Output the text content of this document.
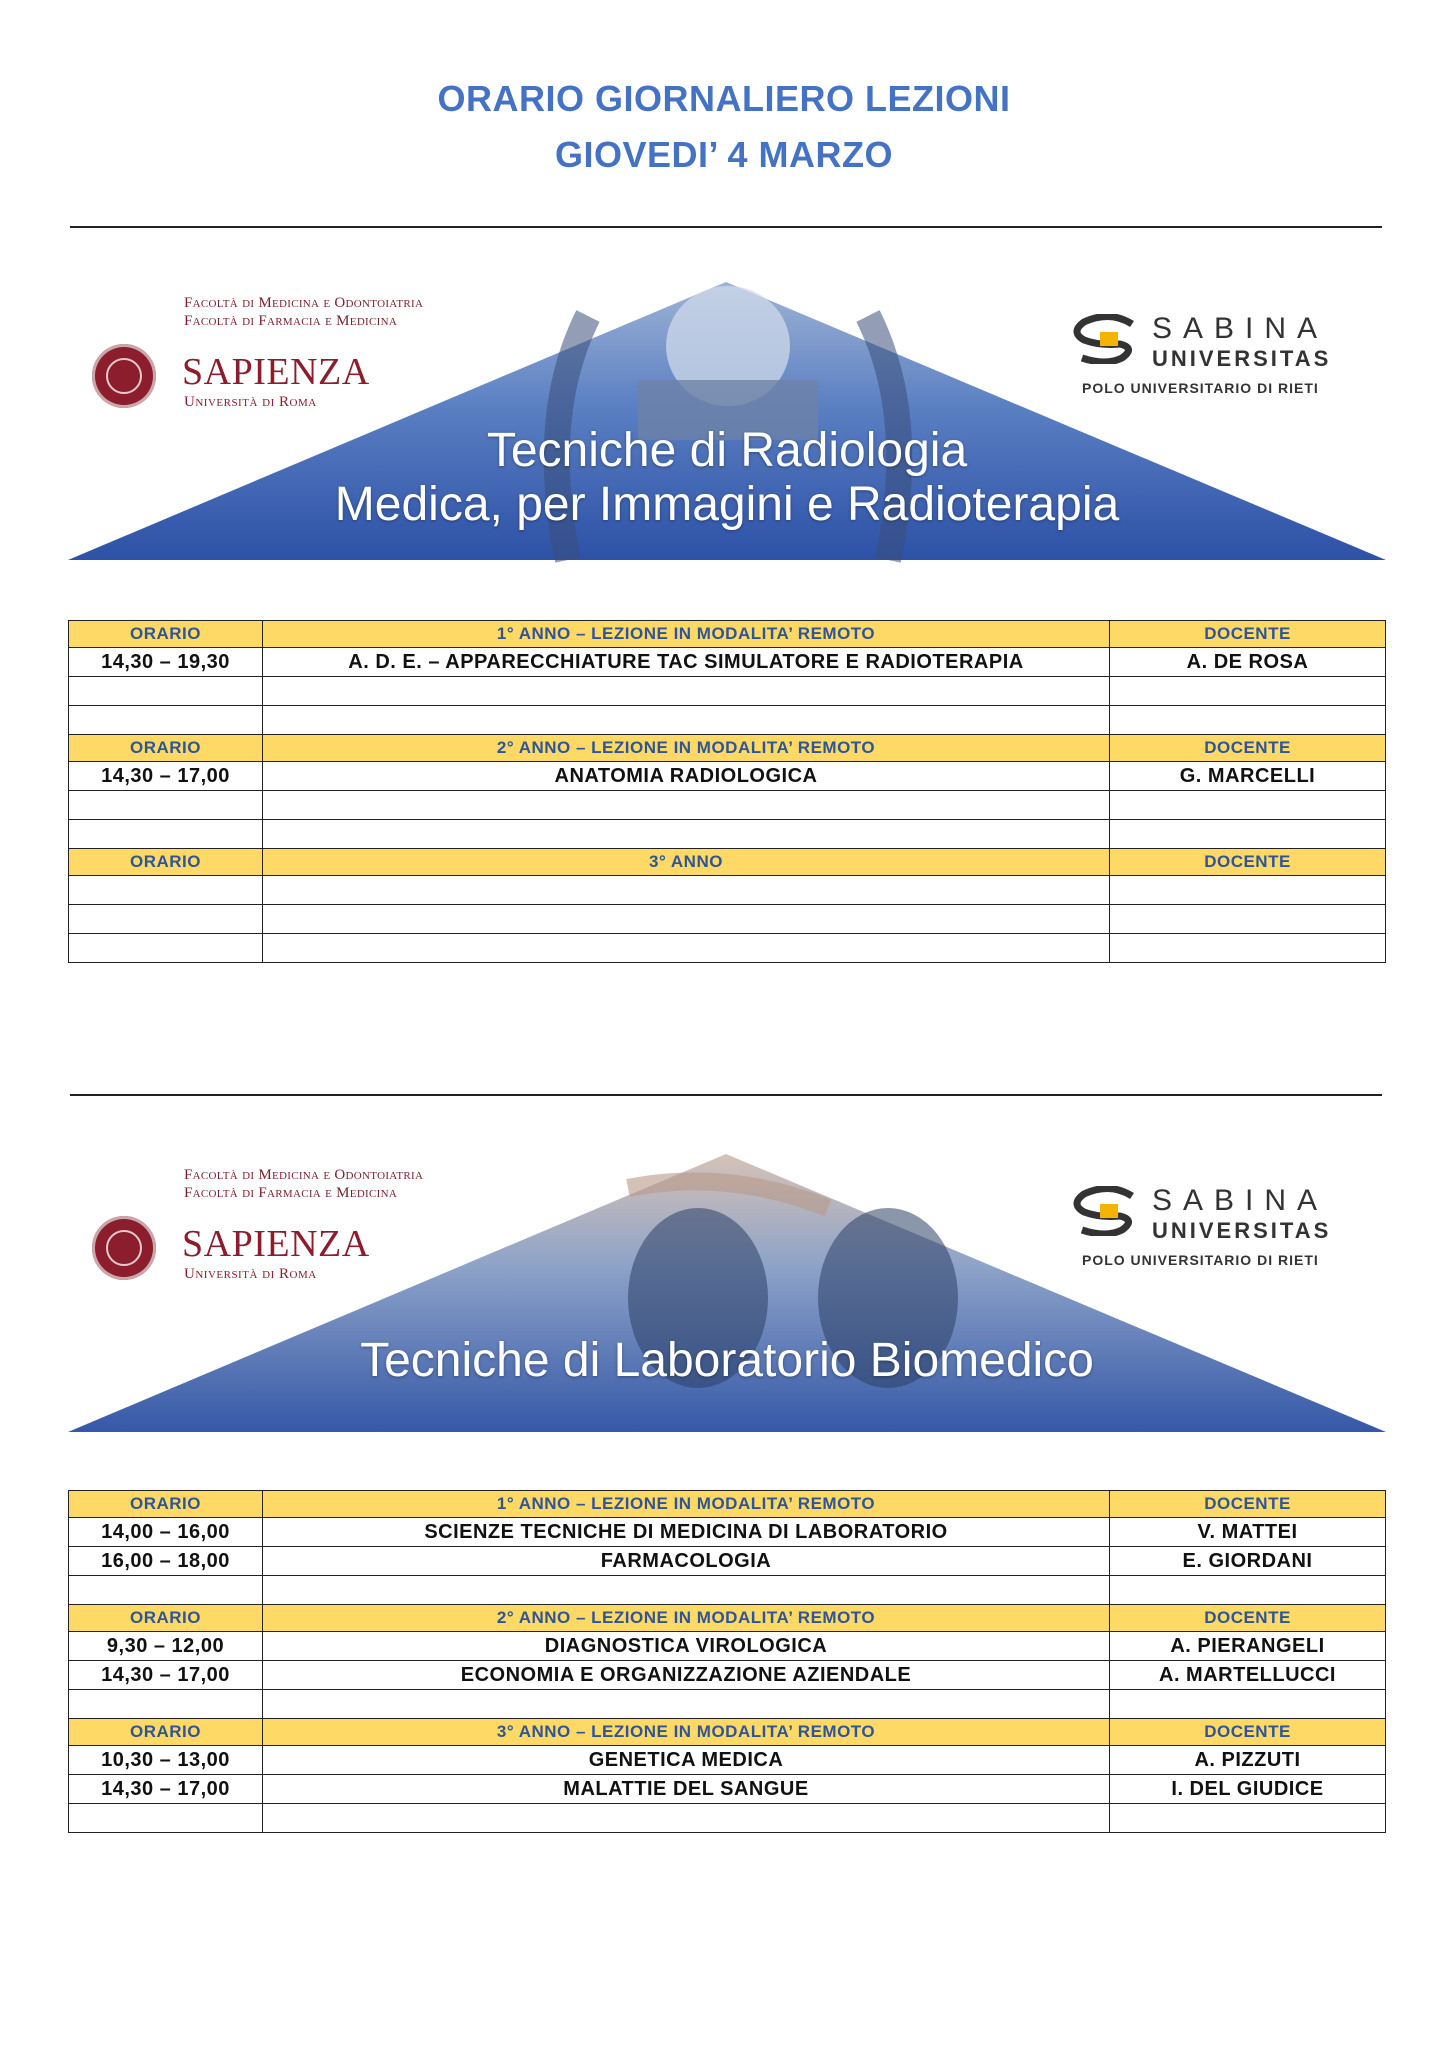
ORARIO GIORNALIERO LEZIONI
GIOVEDI’ 4 MARZO
Facoltà di Medicina e Odontoiatria
Facoltà di Farmacia e Medicina
SAPIENZA
Università di Roma
SABINA
UNIVERSITAS
POLO UNIVERSITARIO DI RIETI
Tecniche di Radiologia
Medica, per Immagini e Radioterapia
ORARIO	1° ANNO – LEZIONE IN MODALITA’ REMOTO	DOCENTE
14,30 – 19,30	A. D. E. – APPARECCHIATURE TAC SIMULATORE E RADIOTERAPIA	A. DE ROSA

ORARIO	2° ANNO – LEZIONE IN MODALITA’ REMOTO	DOCENTE
14,30 – 17,00	ANATOMIA RADIOLOGICA	G. MARCELLI

ORARIO	3° ANNO	DOCENTE

Facoltà di Medicina e Odontoiatria
Facoltà di Farmacia e Medicina
SAPIENZA
Università di Roma
SABINA
UNIVERSITAS
POLO UNIVERSITARIO DI RIETI
Tecniche di Laboratorio Biomedico
ORARIO	1° ANNO – LEZIONE IN MODALITA’ REMOTO	DOCENTE
14,00 – 16,00	SCIENZE TECNICHE DI MEDICINA DI LABORATORIO	V. MATTEI
16,00 – 18,00	FARMACOLOGIA	E. GIORDANI

ORARIO	2° ANNO – LEZIONE IN MODALITA’ REMOTO	DOCENTE
9,30 – 12,00	DIAGNOSTICA VIROLOGICA	A. PIERANGELI
14,30 – 17,00	ECONOMIA E ORGANIZZAZIONE AZIENDALE	A. MARTELLUCCI

ORARIO	3° ANNO – LEZIONE IN MODALITA’ REMOTO	DOCENTE
10,30 – 13,00	GENETICA MEDICA	A. PIZZUTI
14,30 – 17,00	MALATTIE DEL SANGUE	I. DEL GIUDICE
